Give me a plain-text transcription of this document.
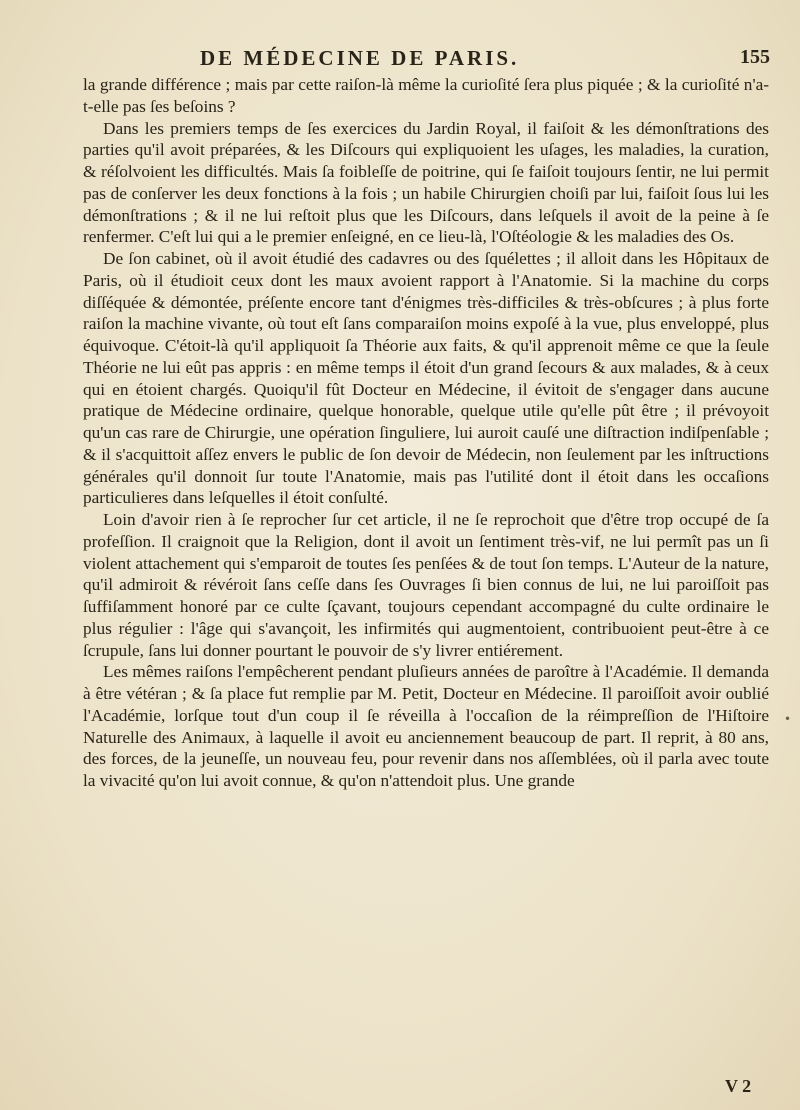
DE MÉDECINE DE PARIS.	155

la grande différence ; mais par cette raiſon-là même la curioſité ſera plus piquée ; & la curioſité n'a-t-elle pas ſes beſoins ?

Dans les premiers temps de ſes exercices du Jardin Royal, il faiſoit & les démonſtrations des parties qu'il avoit préparées, & les Diſcours qui expliquoient les uſages, les maladies, la curation, & réſolvoient les difficultés. Mais ſa foibleſſe de poitrine, qui ſe faiſoit toujours ſentir, ne lui permit pas de conſerver les deux fonctions à la fois ; un habile Chirurgien choiſi par lui, faiſoit ſous lui les démonſtrations ; & il ne lui reſtoit plus que les Diſcours, dans leſquels il avoit de la peine à ſe renfermer. C'eſt lui qui a le premier enſeigné, en ce lieu-là, l'Oſtéologie & les maladies des Os.

De ſon cabinet, où il avoit étudié des cadavres ou des ſquélettes ; il alloit dans les Hôpitaux de Paris, où il étudioit ceux dont les maux avoient rapport à l'Anatomie. Si la machine du corps diſſéquée & démontée, préſente encore tant d'énigmes très-difficiles & très-obſcures ; à plus forte raiſon la machine vivante, où tout eſt ſans comparaiſon moins expoſé à la vue, plus enveloppé, plus équivoque. C'étoit-là qu'il appliquoit ſa Théorie aux faits, & qu'il apprenoit même ce que la ſeule Théorie ne lui eût pas appris : en même temps il étoit d'un grand ſecours & aux malades, & à ceux qui en étoient chargés. Quoiqu'il fût Docteur en Médecine, il évitoit de s'engager dans aucune pratique de Médecine ordinaire, quelque honorable, quelque utile qu'elle pût être ; il prévoyoit qu'un cas rare de Chirurgie, une opération ſinguliere, lui auroit cauſé une diſtraction indiſpenſable ; & il s'acquittoit aſſez envers le public de ſon devoir de Médecin, non ſeulement par les inſtructions générales qu'il donnoit ſur toute l'Anatomie, mais pas l'utilité dont il étoit dans les occaſions particulieres dans leſquelles il étoit conſulté.

Loin d'avoir rien à ſe reprocher ſur cet article, il ne ſe reprochoit que d'être trop occupé de ſa profeſſion. Il craignoit que la Religion, dont il avoit un ſentiment très-vif, ne lui permît pas un ſi violent attachement qui s'emparoit de toutes ſes penſées & de tout ſon temps. L'Auteur de la nature, qu'il admiroit & révéroit ſans ceſſe dans ſes Ouvrages ſi bien connus de lui, ne lui paroiſſoit pas ſuffiſamment honoré par ce culte ſçavant, toujours cependant accompagné du culte ordinaire le plus régulier : l'âge qui s'avançoit, les infirmités qui augmentoient, contribuoient peut-être à ce ſcrupule, ſans lui donner pourtant le pouvoir de s'y livrer entiérement.

Les mêmes raiſons l'empêcherent pendant pluſieurs années de paroître à l'Académie. Il demanda à être vétéran ; & ſa place fut remplie par M. Petit, Docteur en Médecine. Il paroiſſoit avoir oublié l'Académie, lorſque tout d'un coup il ſe réveilla à l'occaſion de la réimpreſſion de l'Hiſtoire Naturelle des Animaux, à laquelle il avoit eu anciennement beaucoup de part. Il reprit, à 80 ans, des forces, de la jeuneſſe, un nouveau feu, pour revenir dans nos aſſemblées, où il parla avec toute la vivacité qu'on lui avoit connue, & qu'on n'attendoit plus. Une grande

•
V 2
